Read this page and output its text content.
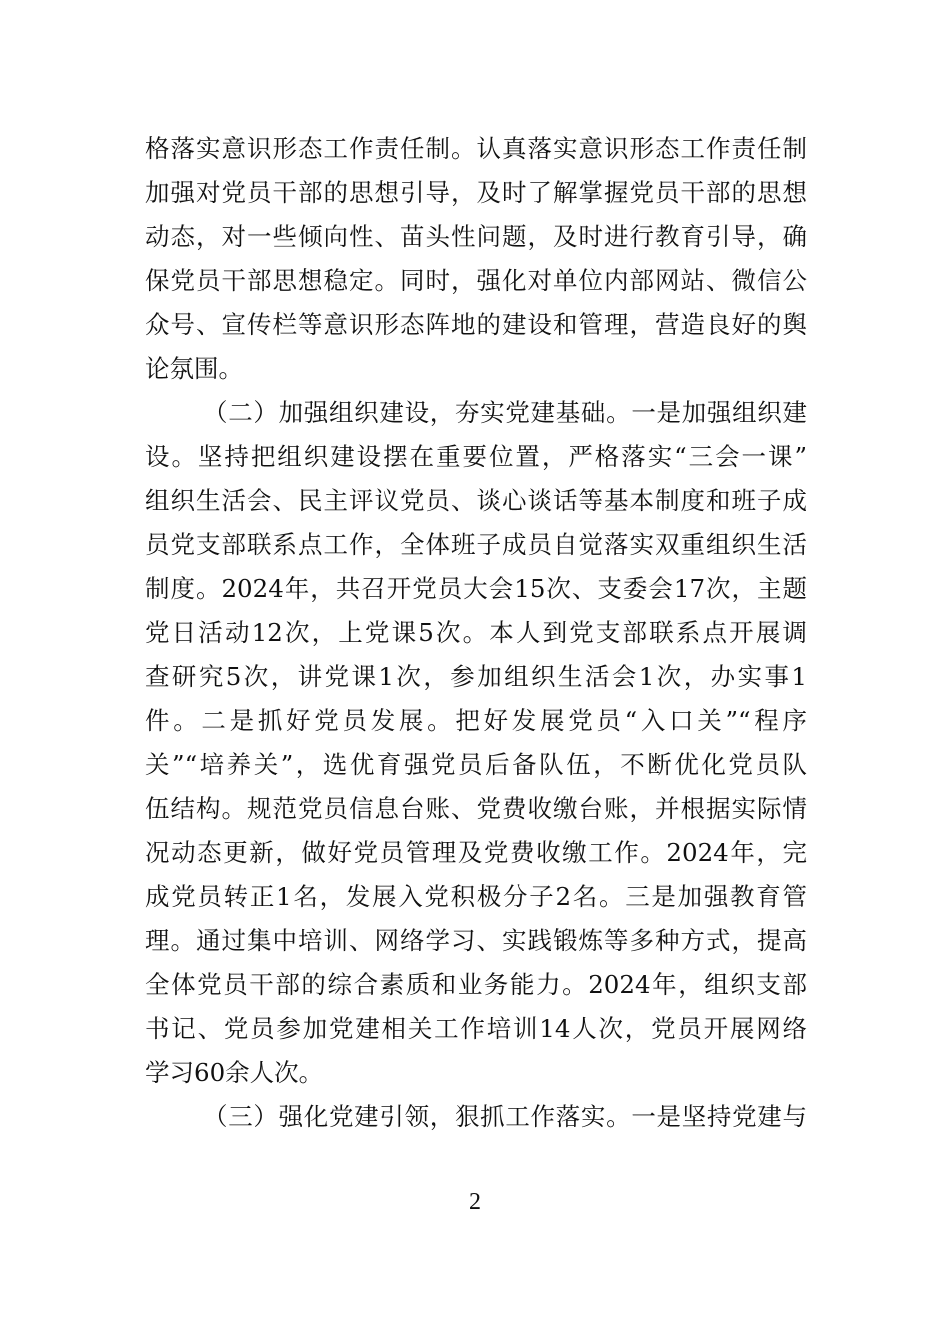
格落实意识形态工作责任制。认真落实意识形态工作责任制
加强对党员干部的思想引导，及时了解掌握党员干部的思想
动态，对一些倾向性、苗头性问题，及时进行教育引导，确
保党员干部思想稳定。同时，强化对单位内部网站、微信公
众号、宣传栏等意识形态阵地的建设和管理，营造良好的舆
论氛围。
（二）加强组织建设，夯实党建基础。一是加强组织建
设。坚持把组织建设摆在重要位置，严格落实“三会一课”
组织生活会、民主评议党员、谈心谈话等基本制度和班子成
员党支部联系点工作，全体班子成员自觉落实双重组织生活
制度。2024年，共召开党员大会15次、支委会17次，主题
党日活动12次，上党课5次。本人到党支部联系点开展调
查研究5次，讲党课1次，参加组织生活会1次，办实事1
件。二是抓好党员发展。把好发展党员“入口关”“程序
关”“培养关”，选优育强党员后备队伍，不断优化党员队
伍结构。规范党员信息台账、党费收缴台账，并根据实际情
况动态更新，做好党员管理及党费收缴工作。2024年，完
成党员转正1名，发展入党积极分子2名。三是加强教育管
理。通过集中培训、网络学习、实践锻炼等多种方式，提高
全体党员干部的综合素质和业务能力。2024年，组织支部
书记、党员参加党建相关工作培训14人次，党员开展网络
学习60余人次。
（三）强化党建引领，狠抓工作落实。一是坚持党建与
2
